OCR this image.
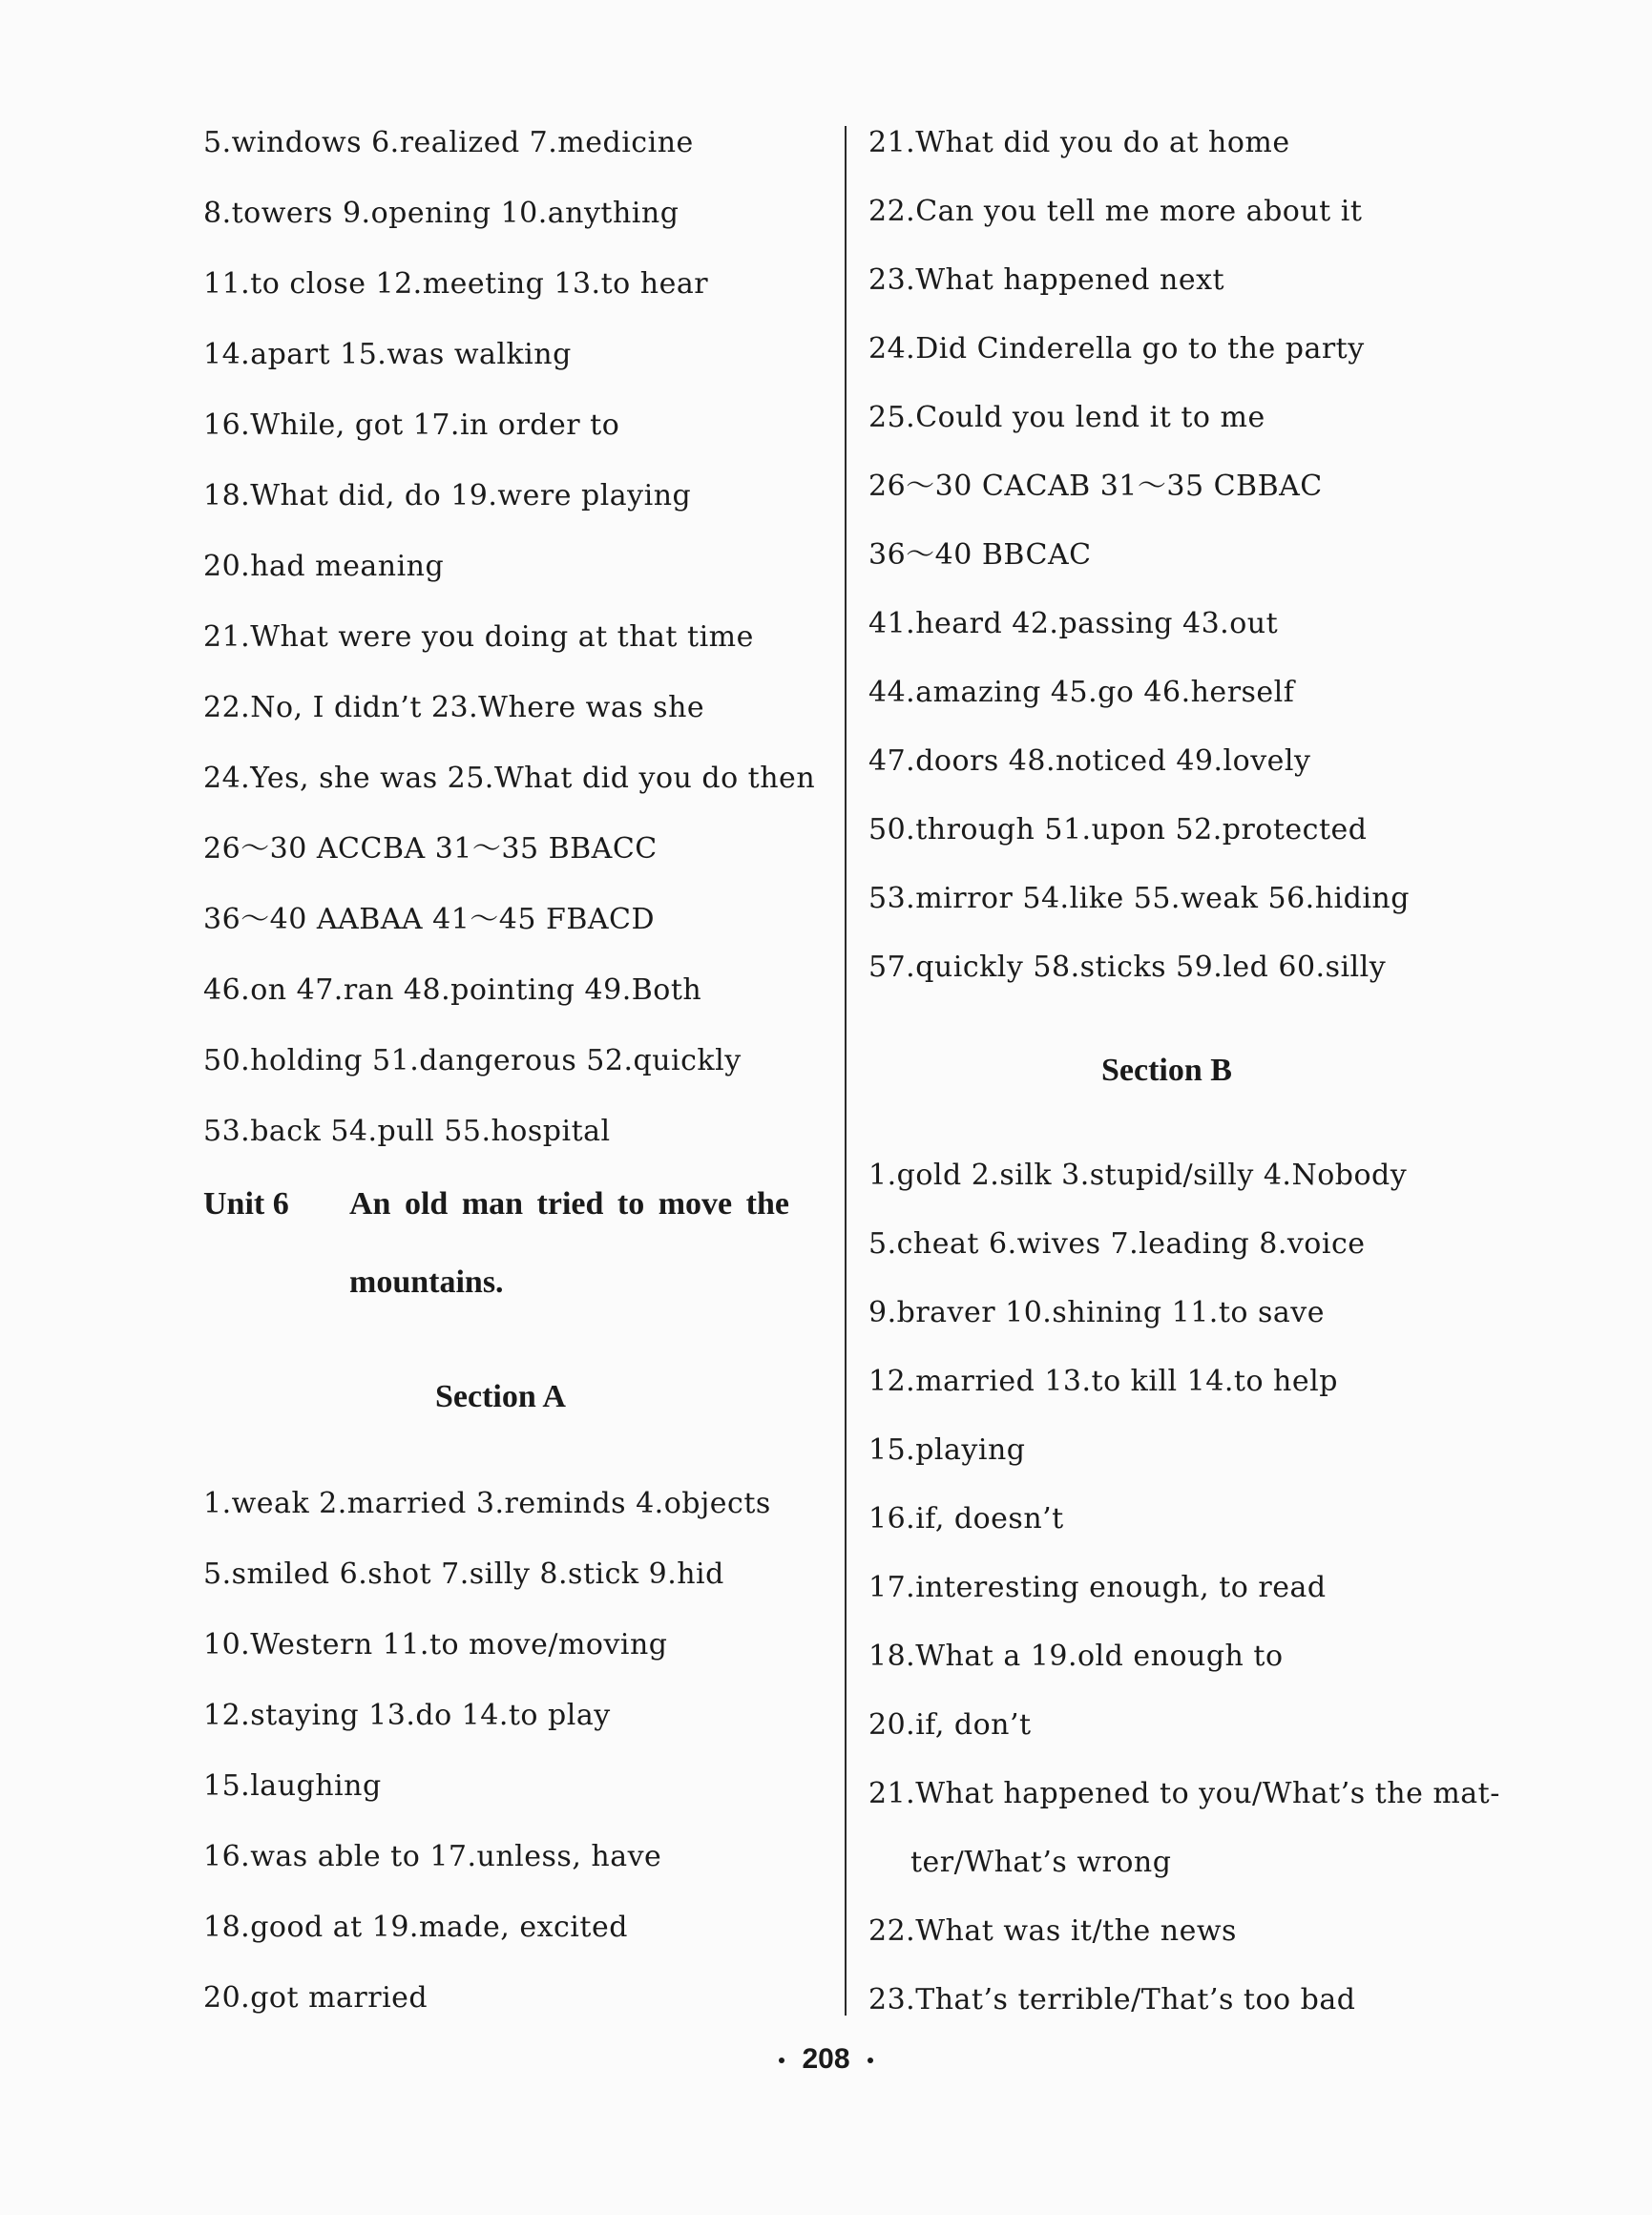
5.windows 6.realized 7.medicine
8.towers 9.opening 10.anything
11.to close 12.meeting 13.to hear
14.apart 15.was walking
16.While, got 17.in order to
18.What did, do 19.were playing
20.had meaning
21.What were you doing at that time
22.No, I didn’t 23.Where was she
24.Yes, she was 25.What did you do then
26～30 ACCBA 31～35 BBACC
36～40 AABAA 41～45 FBACD
46.on 47.ran 48.pointing 49.Both
50.holding 51.dangerous 52.quickly
53.back 54.pull 55.hospital
Unit 6 An old man tried to move the
mountains.
Section A
1.weak 2.married 3.reminds 4.objects
5.smiled 6.shot 7.silly 8.stick 9.hid
10.Western 11.to move/moving
12.staying 13.do 14.to play
15.laughing
16.was able to 17.unless, have
18.good at 19.made, excited
20.got married
21.What did you do at home
22.Can you tell me more about it
23.What happened next
24.Did Cinderella go to the party
25.Could you lend it to me
26～30 CACAB 31～35 CBBAC
36～40 BBCAC
41.heard 42.passing 43.out
44.amazing 45.go 46.herself
47.doors 48.noticed 49.lovely
50.through 51.upon 52.protected
53.mirror 54.like 55.weak 56.hiding
57.quickly 58.sticks 59.led 60.silly
Section B
1.gold 2.silk 3.stupid/silly 4.Nobody
5.cheat 6.wives 7.leading 8.voice
9.braver 10.shining 11.to save
12.married 13.to kill 14.to help
15.playing
16.if, doesn’t
17.interesting enough, to read
18.What a 19.old enough to
20.if, don’t
21.What happened to you/What’s the mat-
ter/What’s wrong
22.What was it/the news
23.That’s terrible/That’s too bad
208
